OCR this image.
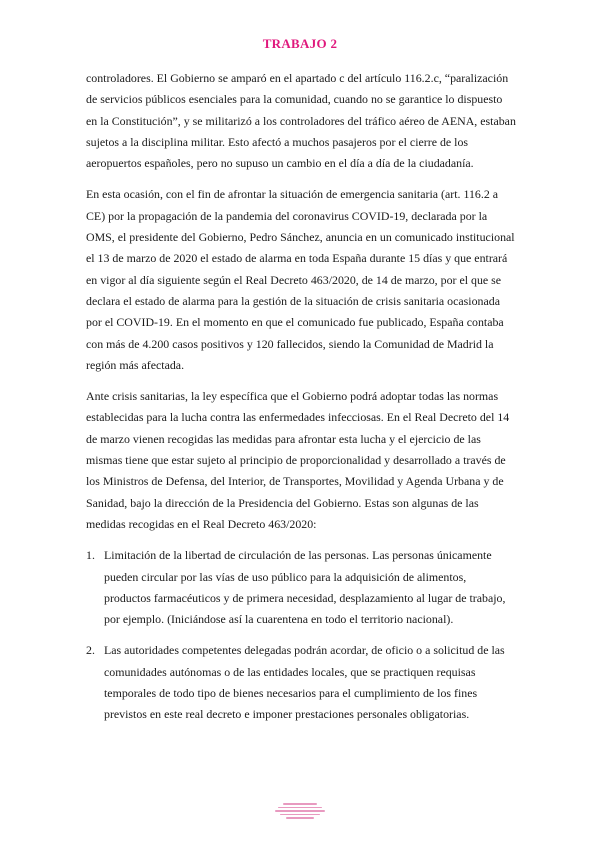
TRABAJO 2

controladores. El Gobierno se amparó en el apartado c del artículo 116.2.c, “paralización de servicios públicos esenciales para la comunidad, cuando no se garantice lo dispuesto en la Constitución”, y se militarizó a los controladores del tráfico aéreo de AENA, estaban sujetos a la disciplina militar. Esto afectó a muchos pasajeros por el cierre de los aeropuertos españoles, pero no supuso un cambio en el día a día de la ciudadanía.

En esta ocasión, con el fin de afrontar la situación de emergencia sanitaria (art. 116.2 a CE) por la propagación de la pandemia del coronavirus COVID-19, declarada por la OMS, el presidente del Gobierno, Pedro Sánchez, anuncia en un comunicado institucional el 13 de marzo de 2020 el estado de alarma en toda España durante 15 días y que entrará en vigor al día siguiente según el Real Decreto 463/2020, de 14 de marzo, por el que se declara el estado de alarma para la gestión de la situación de crisis sanitaria ocasionada por el COVID-19. En el momento en que el comunicado fue publicado, España contaba con más de 4.200 casos positivos y 120 fallecidos, siendo la Comunidad de Madrid la región más afectada.

Ante crisis sanitarias, la ley específica que el Gobierno podrá adoptar todas las normas establecidas para la lucha contra las enfermedades infecciosas. En el Real Decreto del 14 de marzo vienen recogidas las medidas para afrontar esta lucha y el ejercicio de las mismas tiene que estar sujeto al principio de proporcionalidad y desarrollado a través de los Ministros de Defensa, del Interior, de Transportes, Movilidad y Agenda Urbana y de Sanidad, bajo la dirección de la Presidencia del Gobierno. Estas son algunas de las medidas recogidas en el Real Decreto 463/2020:

1. Limitación de la libertad de circulación de las personas. Las personas únicamente pueden circular por las vías de uso público para la adquisición de alimentos, productos farmacéuticos y de primera necesidad, desplazamiento al lugar de trabajo, por ejemplo. (Iniciándose así la cuarentena en todo el territorio nacional).
2. Las autoridades competentes delegadas podrán acordar, de oficio o a solicitud de las comunidades autónomas o de las entidades locales, que se practiquen requisas temporales de todo tipo de bienes necesarios para el cumplimiento de los fines previstos en este real decreto e imponer prestaciones personales obligatorias.
